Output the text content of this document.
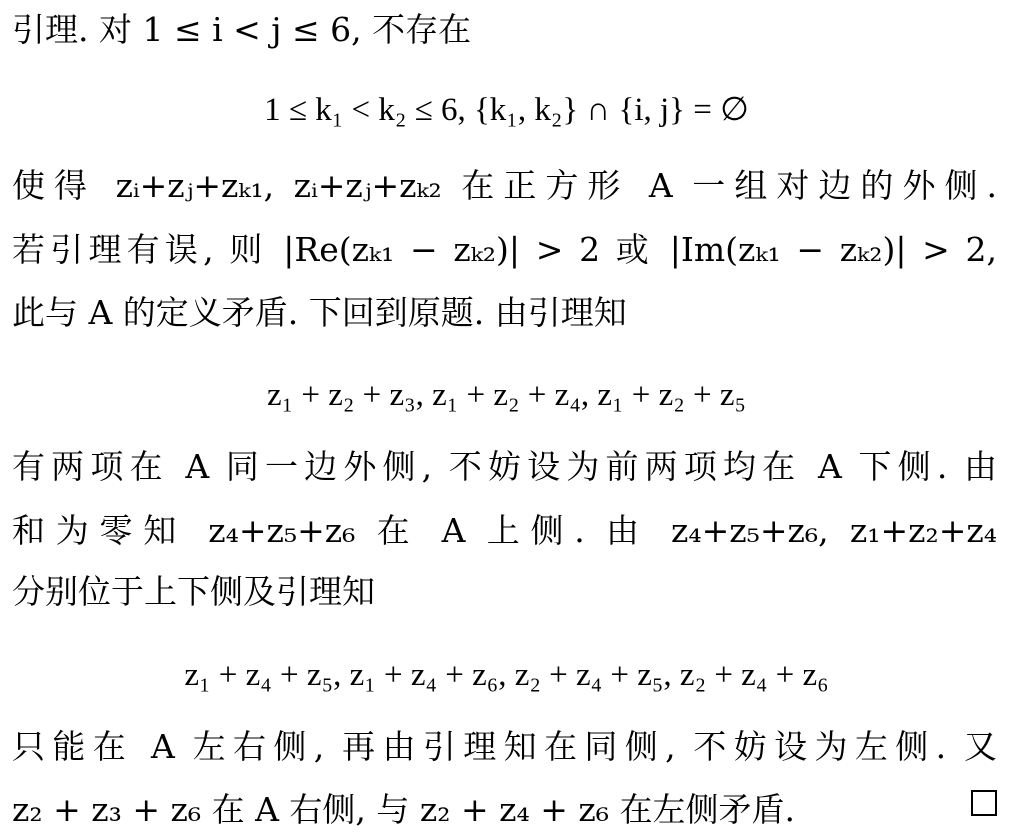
引理. 对 1 ≤ i < j ≤ 6, 不存在
1 ≤ k₁ < k₂ ≤ 6, {k₁, k₂} ∩ {i, j} = ∅
使得 zᵢ+zⱼ+zₖ₁, zᵢ+zⱼ+zₖ₂ 在正方形 A 一组对边的外侧.
若引理有误, 则 |Re(zₖ₁ − zₖ₂)| > 2 或 |Im(zₖ₁ − zₖ₂)| > 2,
此与 A 的定义矛盾. 下回到原题. 由引理知
z₁ + z₂ + z₃, z₁ + z₂ + z₄, z₁ + z₂ + z₅
有两项在 A 同一边外侧, 不妨设为前两项均在 A 下侧. 由
和为零知 z₄+z₅+z₆ 在 A 上侧. 由 z₄+z₅+z₆, z₁+z₂+z₄
分别位于上下侧及引理知
z₁ + z₄ + z₅, z₁ + z₄ + z₆, z₂ + z₄ + z₅, z₂ + z₄ + z₆
只能在 A 左右侧, 再由引理知在同侧, 不妨设为左侧. 又
z₂ + z₃ + z₆ 在 A 右侧, 与 z₂ + z₄ + z₆ 在左侧矛盾.
